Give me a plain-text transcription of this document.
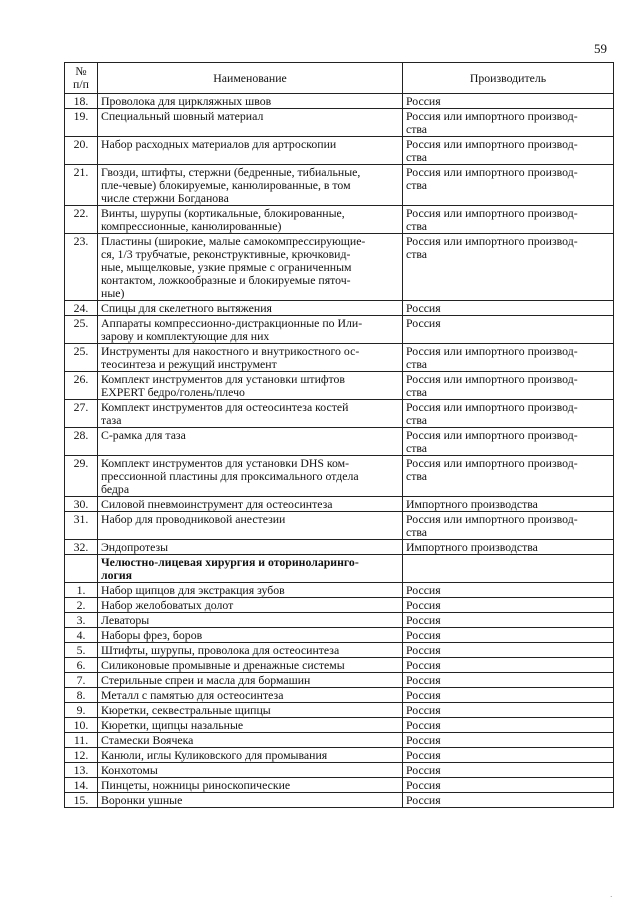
59
№
п/п	Наименование	Производитель
18.	Проволока для циркляжных швов	Россия
19.	Специальный шовный материал	Россия или импортного производ-
ства
20.	Набор расходных материалов для артроскопии	Россия или импортного производ-
ства
21.	Гвозди, штифты, стержни (бедренные, тибиальные,
пле-чевые) блокируемые, канюлированные, в том
числе стержни Богданова	Россия или импортного производ-
ства
22.	Винты, шурупы (кортикальные, блокированные,
компрессионные, канюлированные)	Россия или импортного производ-
ства
23.	Пластины (широкие, малые самокомпрессирующие-
ся, 1/3 трубчатые, реконструктивные, крючковид-
ные, мыщелковые, узкие прямые с ограниченным
контактом, ложкообразные и блокируемые пяточ-
ные)	Россия или импортного производ-
ства
24.	Спицы для скелетного вытяжения	Россия
25.	Аппараты компрессионно-дистракционные по Или-
зарову и комплектующие для них	Россия
25.	Инструменты для накостного и внутрикостного ос-
теосинтеза и режущий инструмент	Россия или импортного производ-
ства
26.	Комплект инструментов для установки штифтов
EXPERT бедро/голень/плечо	Россия или импортного производ-
ства
27.	Комплект инструментов для остеосинтеза костей
таза	Россия или импортного производ-
ства
28.	С-рамка для таза	Россия или импортного производ-
ства
29.	Комплект инструментов для установки DHS ком-
прессионной пластины для проксимального отдела
бедра	Россия или импортного производ-
ства
30.	Силовой пневмоинструмент для остеосинтеза	Импортного производства
31.	Набор для проводниковой анестезии	Россия или импортного производ-
ства
32.	Эндопротезы	Импортного производства
	Челюстно-лицевая хирургия и оториноларинго-
логия	
1.	Набор щипцов для экстракция зубов	Россия
2.	Набор желобоватых долот	Россия
3.	Леваторы	Россия
4.	Наборы фрез, боров	Россия
5.	Штифты, шурупы, проволока для остеосинтеза	Россия
6.	Силиконовые промывные и дренажные системы	Россия
7.	Стерильные спреи и масла для бормашин	Россия
8.	Металл с памятью для остеосинтеза	Россия
9.	Кюретки, секвестральные щипцы	Россия
10.	Кюретки, щипцы назальные	Россия
11.	Стамески Воячека	Россия
12.	Канюли, иглы Куликовского для промывания	Россия
13.	Конхотомы	Россия
14.	Пинцеты, ножницы риноскопические	Россия
15.	Воронки ушные	Россия
·
